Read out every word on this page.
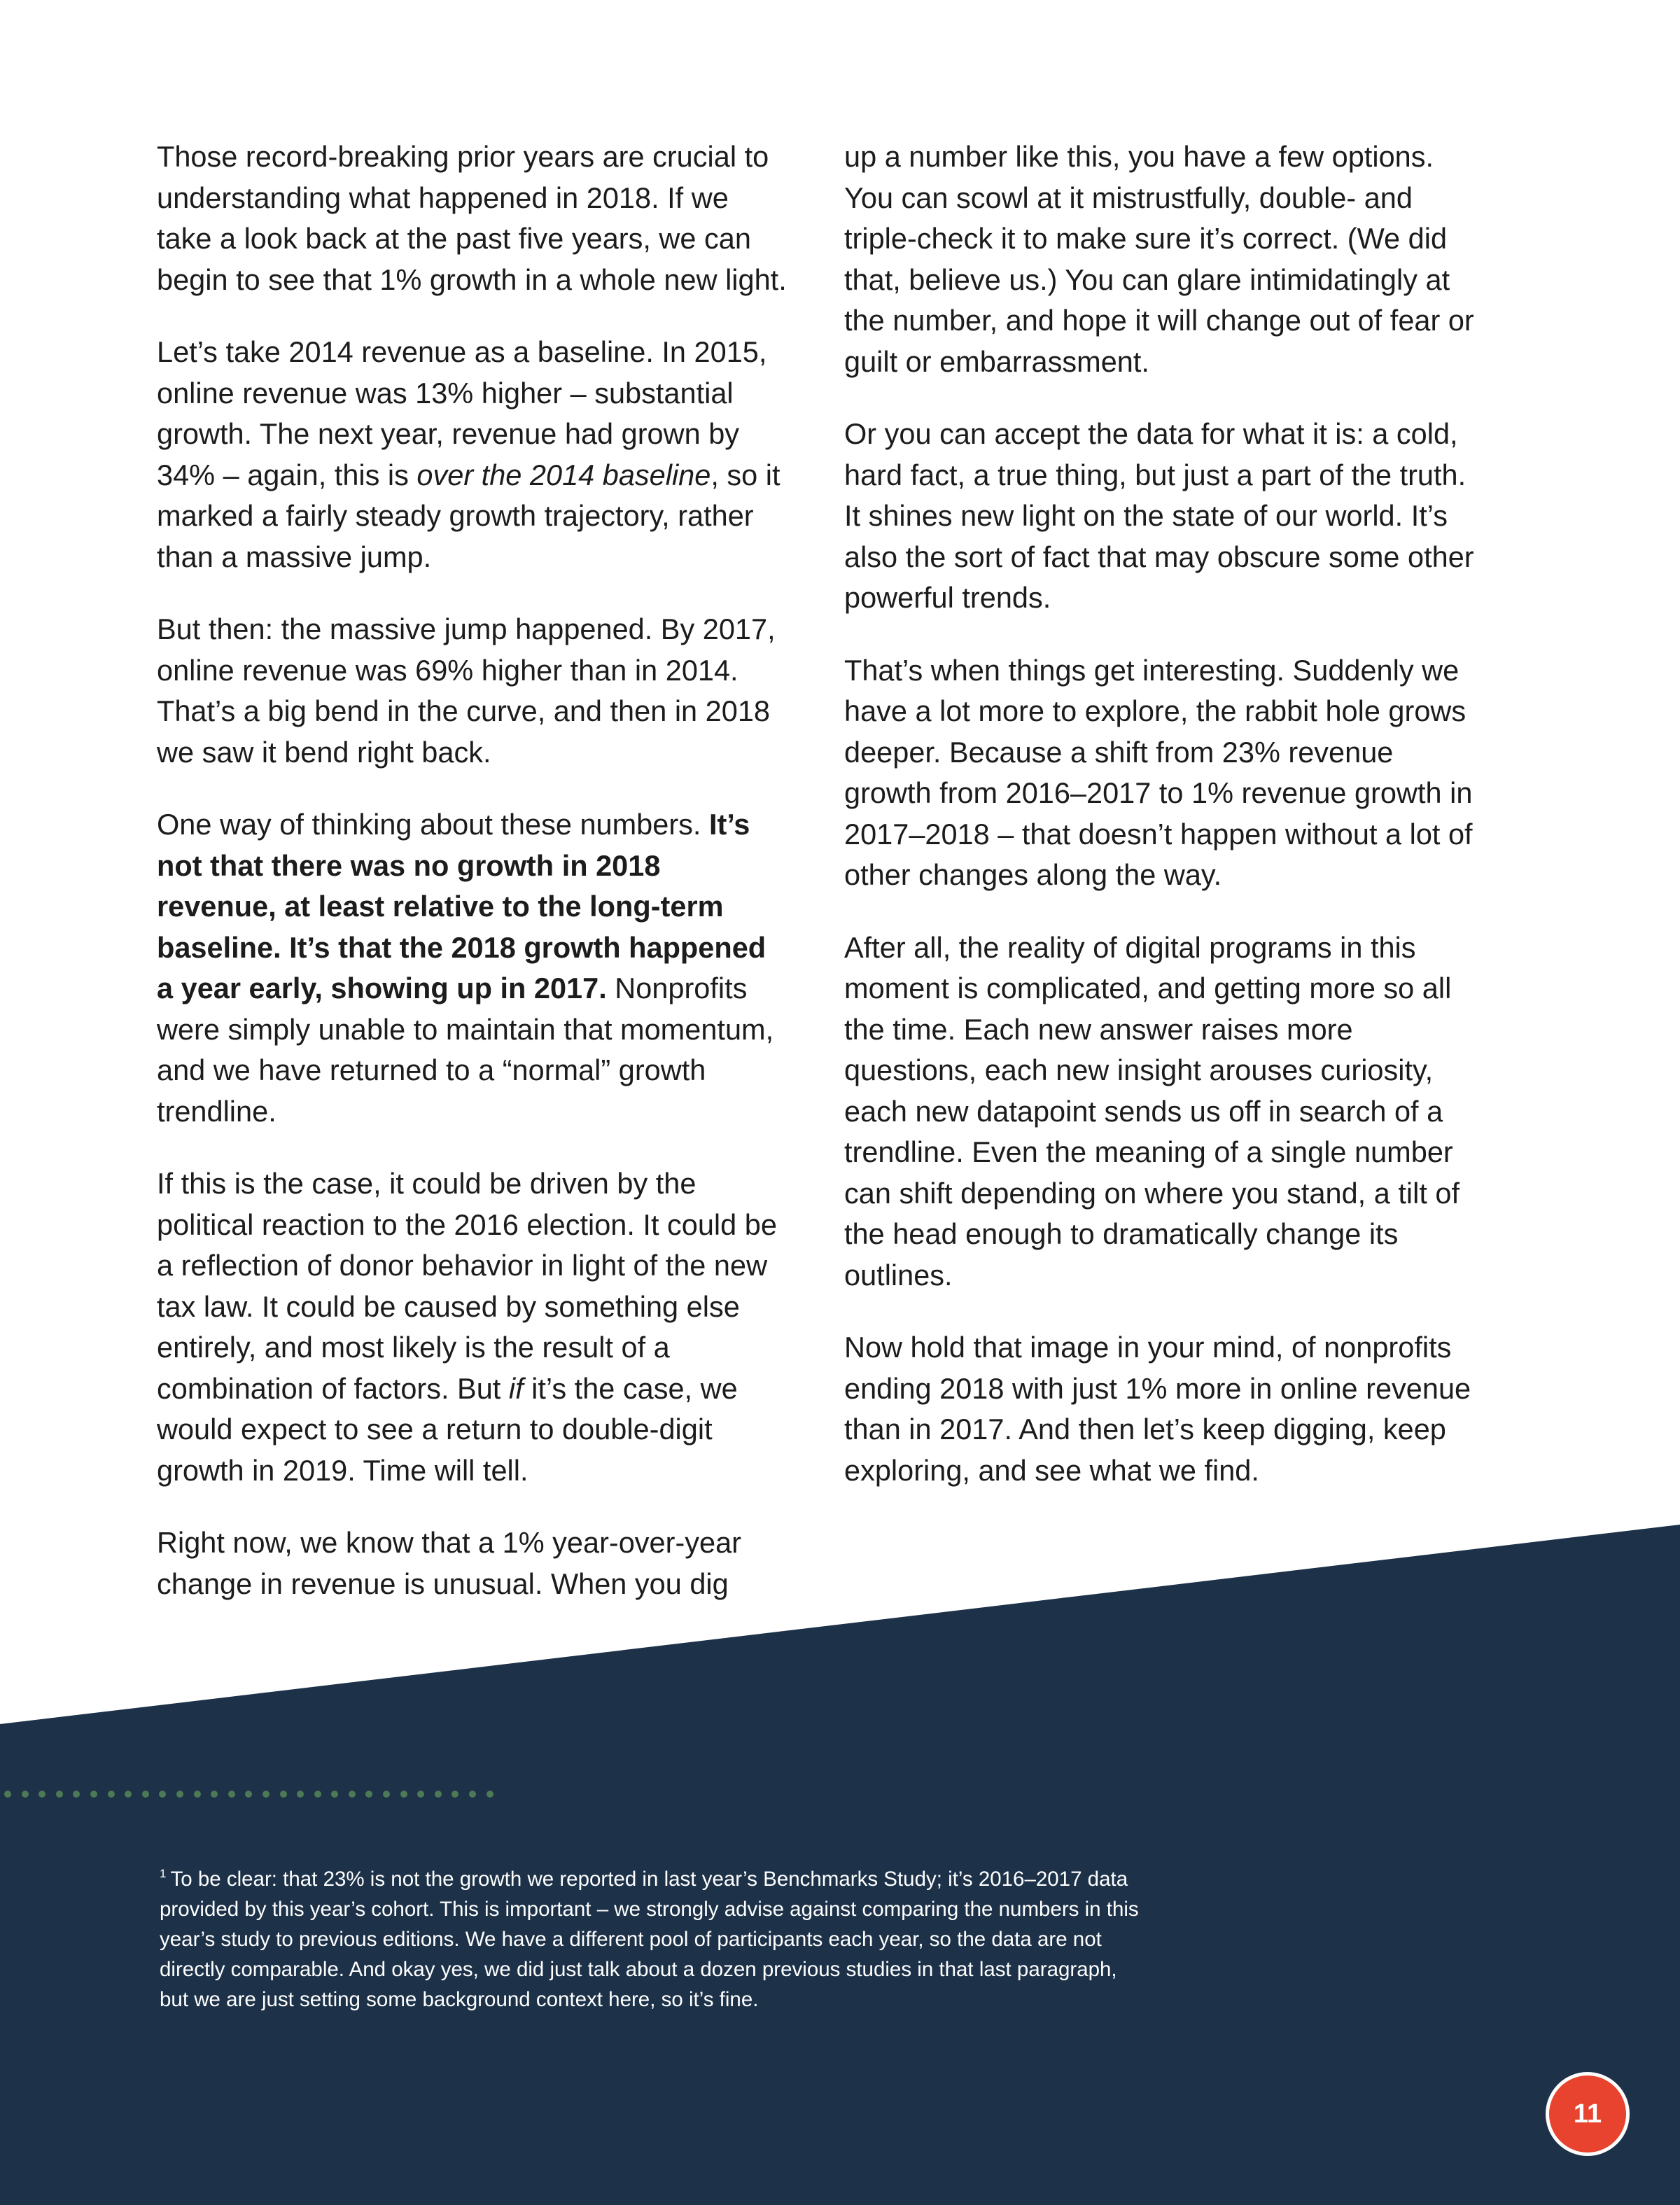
Those record-breaking prior years are crucial to understanding what happened in 2018. If we take a look back at the past five years, we can begin to see that 1% growth in a whole new light.

Let’s take 2014 revenue as a baseline. In 2015, online revenue was 13% higher – substantial growth. The next year, revenue had grown by 34% – again, this is over the 2014 baseline, so it marked a fairly steady growth trajectory, rather than a massive jump.

But then: the massive jump happened. By 2017, online revenue was 69% higher than in 2014. That’s a big bend in the curve, and then in 2018 we saw it bend right back.

One way of thinking about these numbers. It’s not that there was no growth in 2018 revenue, at least relative to the long-term baseline. It’s that the 2018 growth happened a year early, showing up in 2017. Nonprofits were simply unable to maintain that momentum, and we have returned to a “normal” growth trendline.

If this is the case, it could be driven by the political reaction to the 2016 election. It could be a reflection of donor behavior in light of the new tax law. It could be caused by something else entirely, and most likely is the result of a combination of factors. But if it’s the case, we would expect to see a return to double-digit growth in 2019. Time will tell.

Right now, we know that a 1% year-over-year change in revenue is unusual. When you dig

up a number like this, you have a few options. You can scowl at it mistrustfully, double- and triple-check it to make sure it’s correct. (We did that, believe us.) You can glare intimidatingly at the number, and hope it will change out of fear or guilt or embarrassment.

Or you can accept the data for what it is: a cold, hard fact, a true thing, but just a part of the truth. It shines new light on the state of our world. It’s also the sort of fact that may obscure some other powerful trends.

That’s when things get interesting. Suddenly we have a lot more to explore, the rabbit hole grows deeper. Because a shift from 23% revenue growth from 2016–2017 to 1% revenue growth in 2017–2018 – that doesn’t happen without a lot of other changes along the way.

After all, the reality of digital programs in this moment is complicated, and getting more so all the time. Each new answer raises more questions, each new insight arouses curiosity, each new datapoint sends us off in search of a trendline. Even the meaning of a single number can shift depending on where you stand, a tilt of the head enough to dramatically change its outlines.

Now hold that image in your mind, of nonprofits ending 2018 with just 1% more in online revenue than in 2017. And then let’s keep digging, keep exploring, and see what we find.

$^1$ To be clear: that 23% is not the growth we reported in last year’s Benchmarks Study; it’s 2016–2017 data provided by this year’s cohort. This is important – we strongly advise against comparing the numbers in this year’s study to previous editions. We have a different pool of participants each year, so the data are not directly comparable. And okay yes, we did just talk about a dozen previous studies in that last paragraph, but we are just setting some background context here, so it’s fine.
11
